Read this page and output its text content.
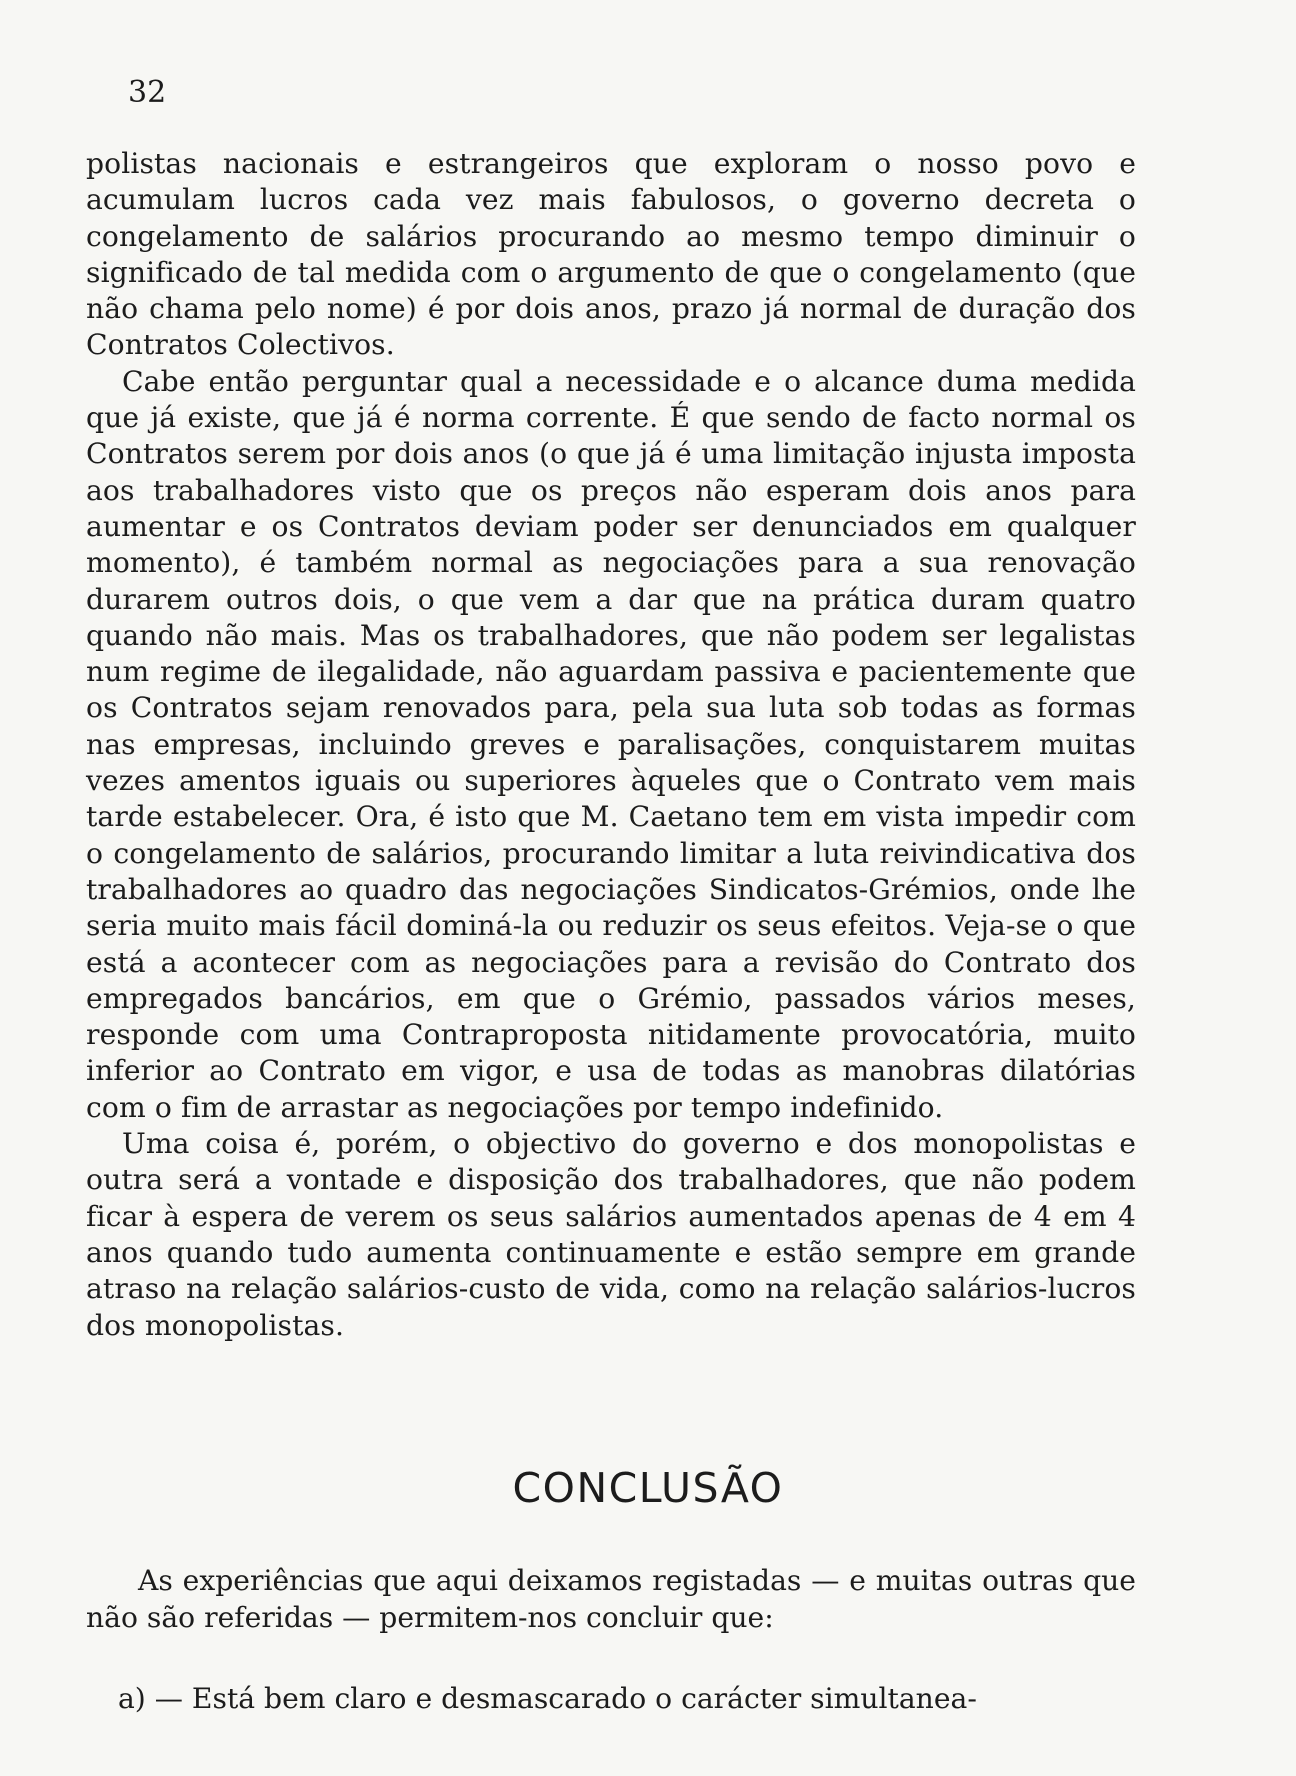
32

polistas nacionais e estrangeiros que exploram o nosso povo e acumulam lucros cada vez mais fabulosos, o governo decreta o congelamento de salários procurando ao mesmo tempo diminuir o significado de tal medida com o argumento de que o congelamento (que não chama pelo nome) é por dois anos, prazo já normal de duração dos Contratos Colectivos.

Cabe então perguntar qual a necessidade e o alcance duma medida que já existe, que já é norma corrente. É que sendo de facto normal os Contratos serem por dois anos (o que já é uma limitação injusta imposta aos trabalhadores visto que os preços não esperam dois anos para aumentar e os Contratos deviam poder ser denunciados em qualquer momento), é também normal as negociações para a sua renovação durarem outros dois, o que vem a dar que na prática duram quatro quando não mais. Mas os trabalhadores, que não podem ser legalistas num regime de ilegalidade, não aguardam passiva e pacientemente que os Contratos sejam renovados para, pela sua luta sob todas as formas nas empresas, incluindo greves e paralisações, conquistarem muitas vezes amentos iguais ou superiores àqueles que o Contrato vem mais tarde estabelecer. Ora, é isto que M. Caetano tem em vista impedir com o congelamento de salários, procurando limitar a luta reivindicativa dos trabalhadores ao quadro das negociações Sindicatos-Grémios, onde lhe seria muito mais fácil dominá-la ou reduzir os seus efeitos. Veja-se o que está a acontecer com as negociações para a revisão do Contrato dos empregados bancários, em que o Grémio, passados vários meses, responde com uma Contraproposta nitidamente provocatória, muito inferior ao Contrato em vigor, e usa de todas as manobras dilatórias com o fim de arrastar as negociações por tempo indefinido.

Uma coisa é, porém, o objectivo do governo e dos monopolistas e outra será a vontade e disposição dos trabalhadores, que não podem ficar à espera de verem os seus salários aumentados apenas de 4 em 4 anos quando tudo aumenta continuamente e estão sempre em grande atraso na relação salários-custo de vida, como na relação salários-lucros dos monopolistas.

CONCLUSÃO

As experiências que aqui deixamos registadas — e muitas outras que não são referidas — permitem-nos concluir que:

a) — Está bem claro e desmascarado o carácter simultanea-
